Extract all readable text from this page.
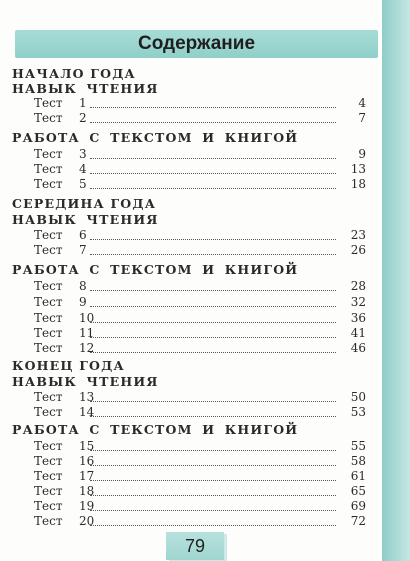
Содержание
НАЧАЛО ГОДА
НАВЫК ЧТЕНИЯ
РАБОТА С ТЕКСТОМ И КНИГОЙ
СЕРЕДИНА ГОДА
НАВЫК ЧТЕНИЯ
РАБОТА С ТЕКСТОМ И КНИГОЙ
КОНЕЦ ГОДА
НАВЫК ЧТЕНИЯ
РАБОТА С ТЕКСТОМ И КНИГОЙ
Тест	1	4
Тест	2	7
Тест	3	9
Тест	4	13
Тест	5	18
Тест	6	23
Тест	7	26
Тест	8	28
Тест	9	32
Тест	10	36
Тест	11	41
Тест	12	46
Тест	13	50
Тест	14	53
Тест	15	55
Тест	16	58
Тест	17	61
Тест	18	65
Тест	19	69
Тест	20	72
79
